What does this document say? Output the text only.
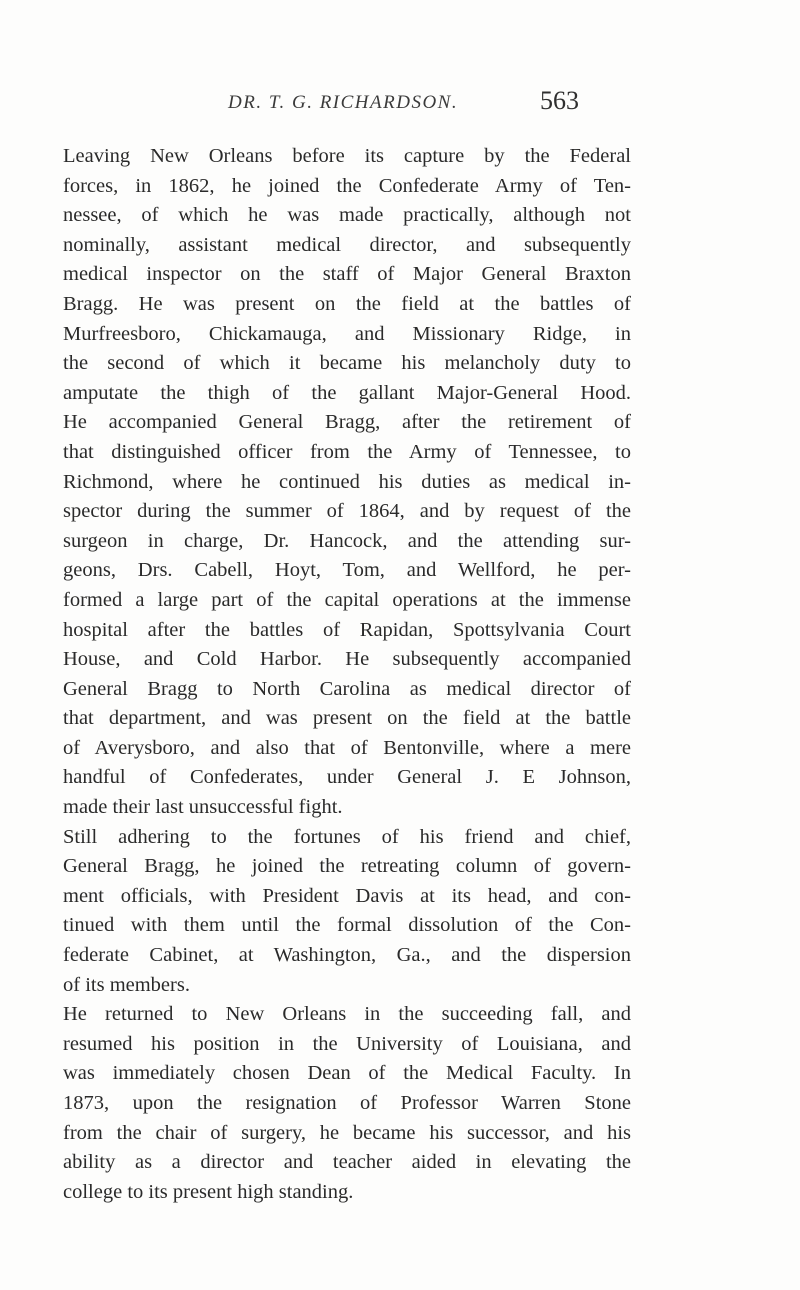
DR. T. G. RICHARDSON.	563
Leaving New Orleans before its capture by the Federal
forces, in 1862, he joined the Confederate Army of Ten-
nessee, of which he was made practically, although not
nominally, assistant medical director, and subsequently
medical inspector on the staff of Major General Braxton
Bragg. He was present on the field at the battles of
Murfreesboro, Chickamauga, and Missionary Ridge, in
the second of which it became his melancholy duty to
amputate the thigh of the gallant Major-General Hood.
He accompanied General Bragg, after the retirement of
that distinguished officer from the Army of Tennessee, to
Richmond, where he continued his duties as medical in-
spector during the summer of 1864, and by request of the
surgeon in charge, Dr. Hancock, and the attending sur-
geons, Drs. Cabell, Hoyt, Tom, and Wellford, he per-
formed a large part of the capital operations at the immense
hospital after the battles of Rapidan, Spottsylvania Court
House, and Cold Harbor. He subsequently accompanied
General Bragg to North Carolina as medical director of
that department, and was present on the field at the battle
of Averysboro, and also that of Bentonville, where a mere
handful of Confederates, under General J. E Johnson,
made their last unsuccessful fight.
Still adhering to the fortunes of his friend and chief,
General Bragg, he joined the retreating column of govern-
ment officials, with President Davis at its head, and con-
tinued with them until the formal dissolution of the Con-
federate Cabinet, at Washington, Ga., and the dispersion
of its members.
He returned to New Orleans in the succeeding fall, and
resumed his position in the University of Louisiana, and
was immediately chosen Dean of the Medical Faculty. In
1873, upon the resignation of Professor Warren Stone
from the chair of surgery, he became his successor, and his
ability as a director and teacher aided in elevating the
college to its present high standing.
